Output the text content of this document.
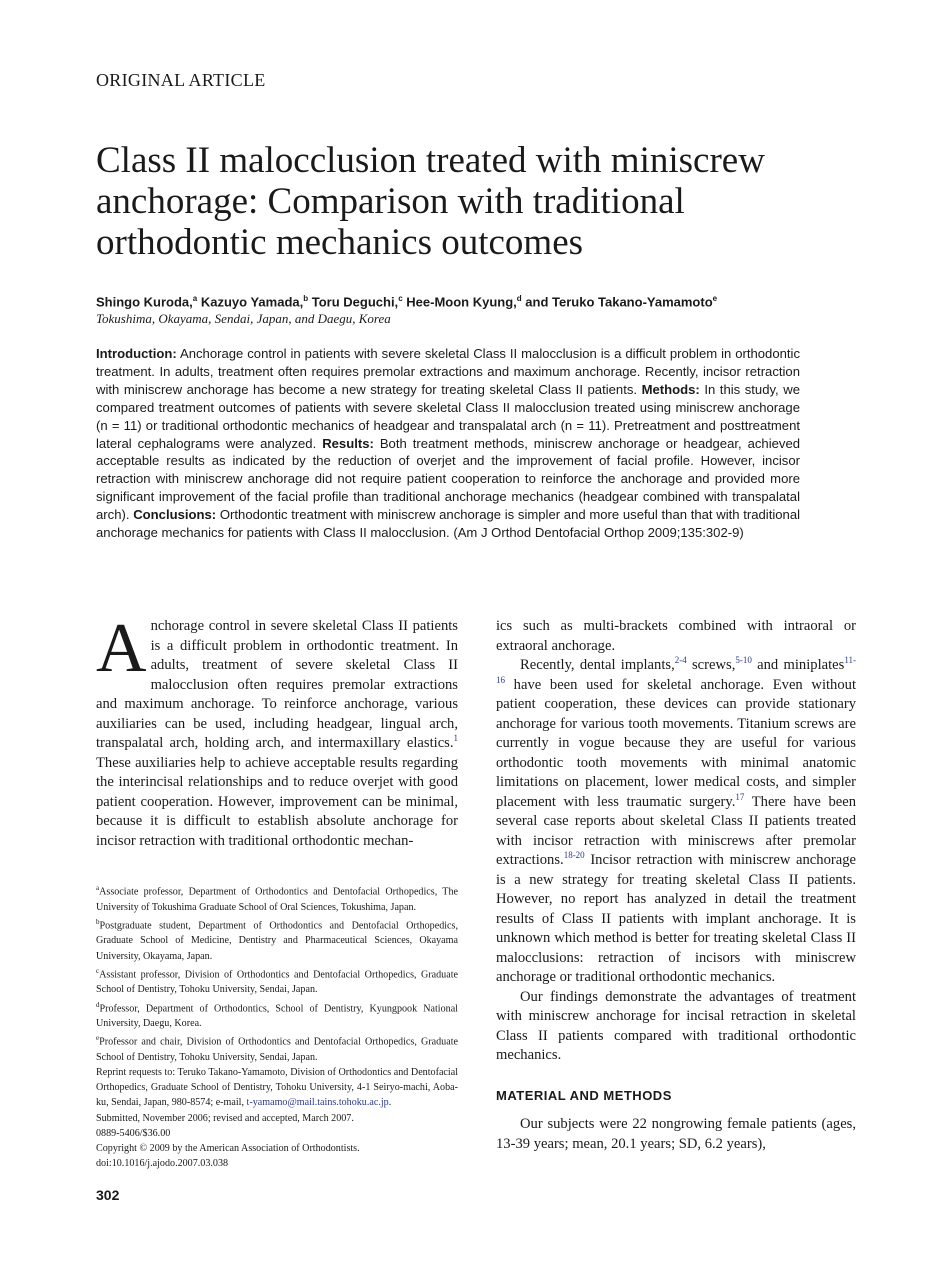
ORIGINAL ARTICLE
Class II malocclusion treated with miniscrew anchorage: Comparison with traditional orthodontic mechanics outcomes
Shingo Kuroda,$^a$ Kazuyo Yamada,$^b$ Toru Deguchi,$^c$ Hee-Moon Kyung,$^d$ and Teruko Takano-Yamamoto$^e$
Tokushima, Okayama, Sendai, Japan, and Daegu, Korea

Introduction: Anchorage control in patients with severe skeletal Class II malocclusion is a difficult problem in orthodontic treatment. In adults, treatment often requires premolar extractions and maximum anchorage. Recently, incisor retraction with miniscrew anchorage has become a new strategy for treating skeletal Class II patients. Methods: In this study, we compared treatment outcomes of patients with severe skeletal Class II malocclusion treated using miniscrew anchorage (n = 11) or traditional orthodontic mechanics of headgear and transpalatal arch (n = 11). Pretreatment and posttreatment lateral cephalograms were analyzed. Results: Both treatment methods, miniscrew anchorage or headgear, achieved acceptable results as indicated by the reduction of overjet and the improvement of facial profile. However, incisor retraction with miniscrew anchorage did not require patient cooperation to reinforce the anchorage and provided more significant improvement of the facial profile than traditional anchorage mechanics (headgear combined with transpalatal arch). Conclusions: Orthodontic treatment with miniscrew anchorage is simpler and more useful than that with traditional anchorage mechanics for patients with Class II malocclusion. (Am J Orthod Dentofacial Orthop 2009;135:302-9)

Anchorage control in severe skeletal Class II patients is a difficult problem in orthodontic treatment. In adults, treatment of severe skeletal Class II malocclusion often requires premolar extractions and maximum anchorage. To reinforce anchorage, various auxiliaries can be used, including headgear, lingual arch, transpalatal arch, holding arch, and intermaxillary elastics.$^1$ These auxiliaries help to achieve acceptable results regarding the interincisal relationships and to reduce overjet with good patient cooperation. However, improvement can be minimal, because it is difficult to establish absolute anchorage for incisor retraction with traditional orthodontic mechan-

ics such as multi-brackets combined with intraoral or extraoral anchorage.

Recently, dental implants,$^{2-4}$ screws,$^{5-10}$ and miniplates$^{11-16}$ have been used for skeletal anchorage. Even without patient cooperation, these devices can provide stationary anchorage for various tooth movements. Titanium screws are currently in vogue because they are useful for various orthodontic tooth movements with minimal anatomic limitations on placement, lower medical costs, and simpler placement with less traumatic surgery.$^{17}$ There have been several case reports about skeletal Class II patients treated with incisor retraction with miniscrews after premolar extractions.$^{18-20}$ Incisor retraction with miniscrew anchorage is a new strategy for treating skeletal Class II patients. However, no report has analyzed in detail the treatment results of Class II patients with implant anchorage. It is unknown which method is better for treating skeletal Class II malocclusions: retraction of incisors with miniscrew anchorage or traditional orthodontic mechanics.

Our findings demonstrate the advantages of treatment with miniscrew anchorage for incisal retraction in skeletal Class II patients compared with traditional orthodontic mechanics.

MATERIAL AND METHODS

Our subjects were 22 nongrowing female patients (ages, 13-39 years; mean, 20.1 years; SD, 6.2 years),

$^a$Associate professor, Department of Orthodontics and Dentofacial Orthopedics, The University of Tokushima Graduate School of Oral Sciences, Tokushima, Japan.

$^b$Postgraduate student, Department of Orthodontics and Dentofacial Orthopedics, Graduate School of Medicine, Dentistry and Pharmaceutical Sciences, Okayama University, Okayama, Japan.

$^c$Assistant professor, Division of Orthodontics and Dentofacial Orthopedics, Graduate School of Dentistry, Tohoku University, Sendai, Japan.

$^d$Professor, Department of Orthodontics, School of Dentistry, Kyungpook National University, Daegu, Korea.

$^e$Professor and chair, Division of Orthodontics and Dentofacial Orthopedics, Graduate School of Dentistry, Tohoku University, Sendai, Japan.

Reprint requests to: Teruko Takano-Yamamoto, Division of Orthodontics and Dentofacial Orthopedics, Graduate School of Dentistry, Tohoku University, 4-1 Seiryo-machi, Aoba-ku, Sendai, Japan, 980-8574; e-mail, t-yamamo@mail.tains.tohoku.ac.jp.

Submitted, November 2006; revised and accepted, March 2007.

0889-5406/$36.00

Copyright © 2009 by the American Association of Orthodontists.

doi:10.1016/j.ajodo.2007.03.038

302
